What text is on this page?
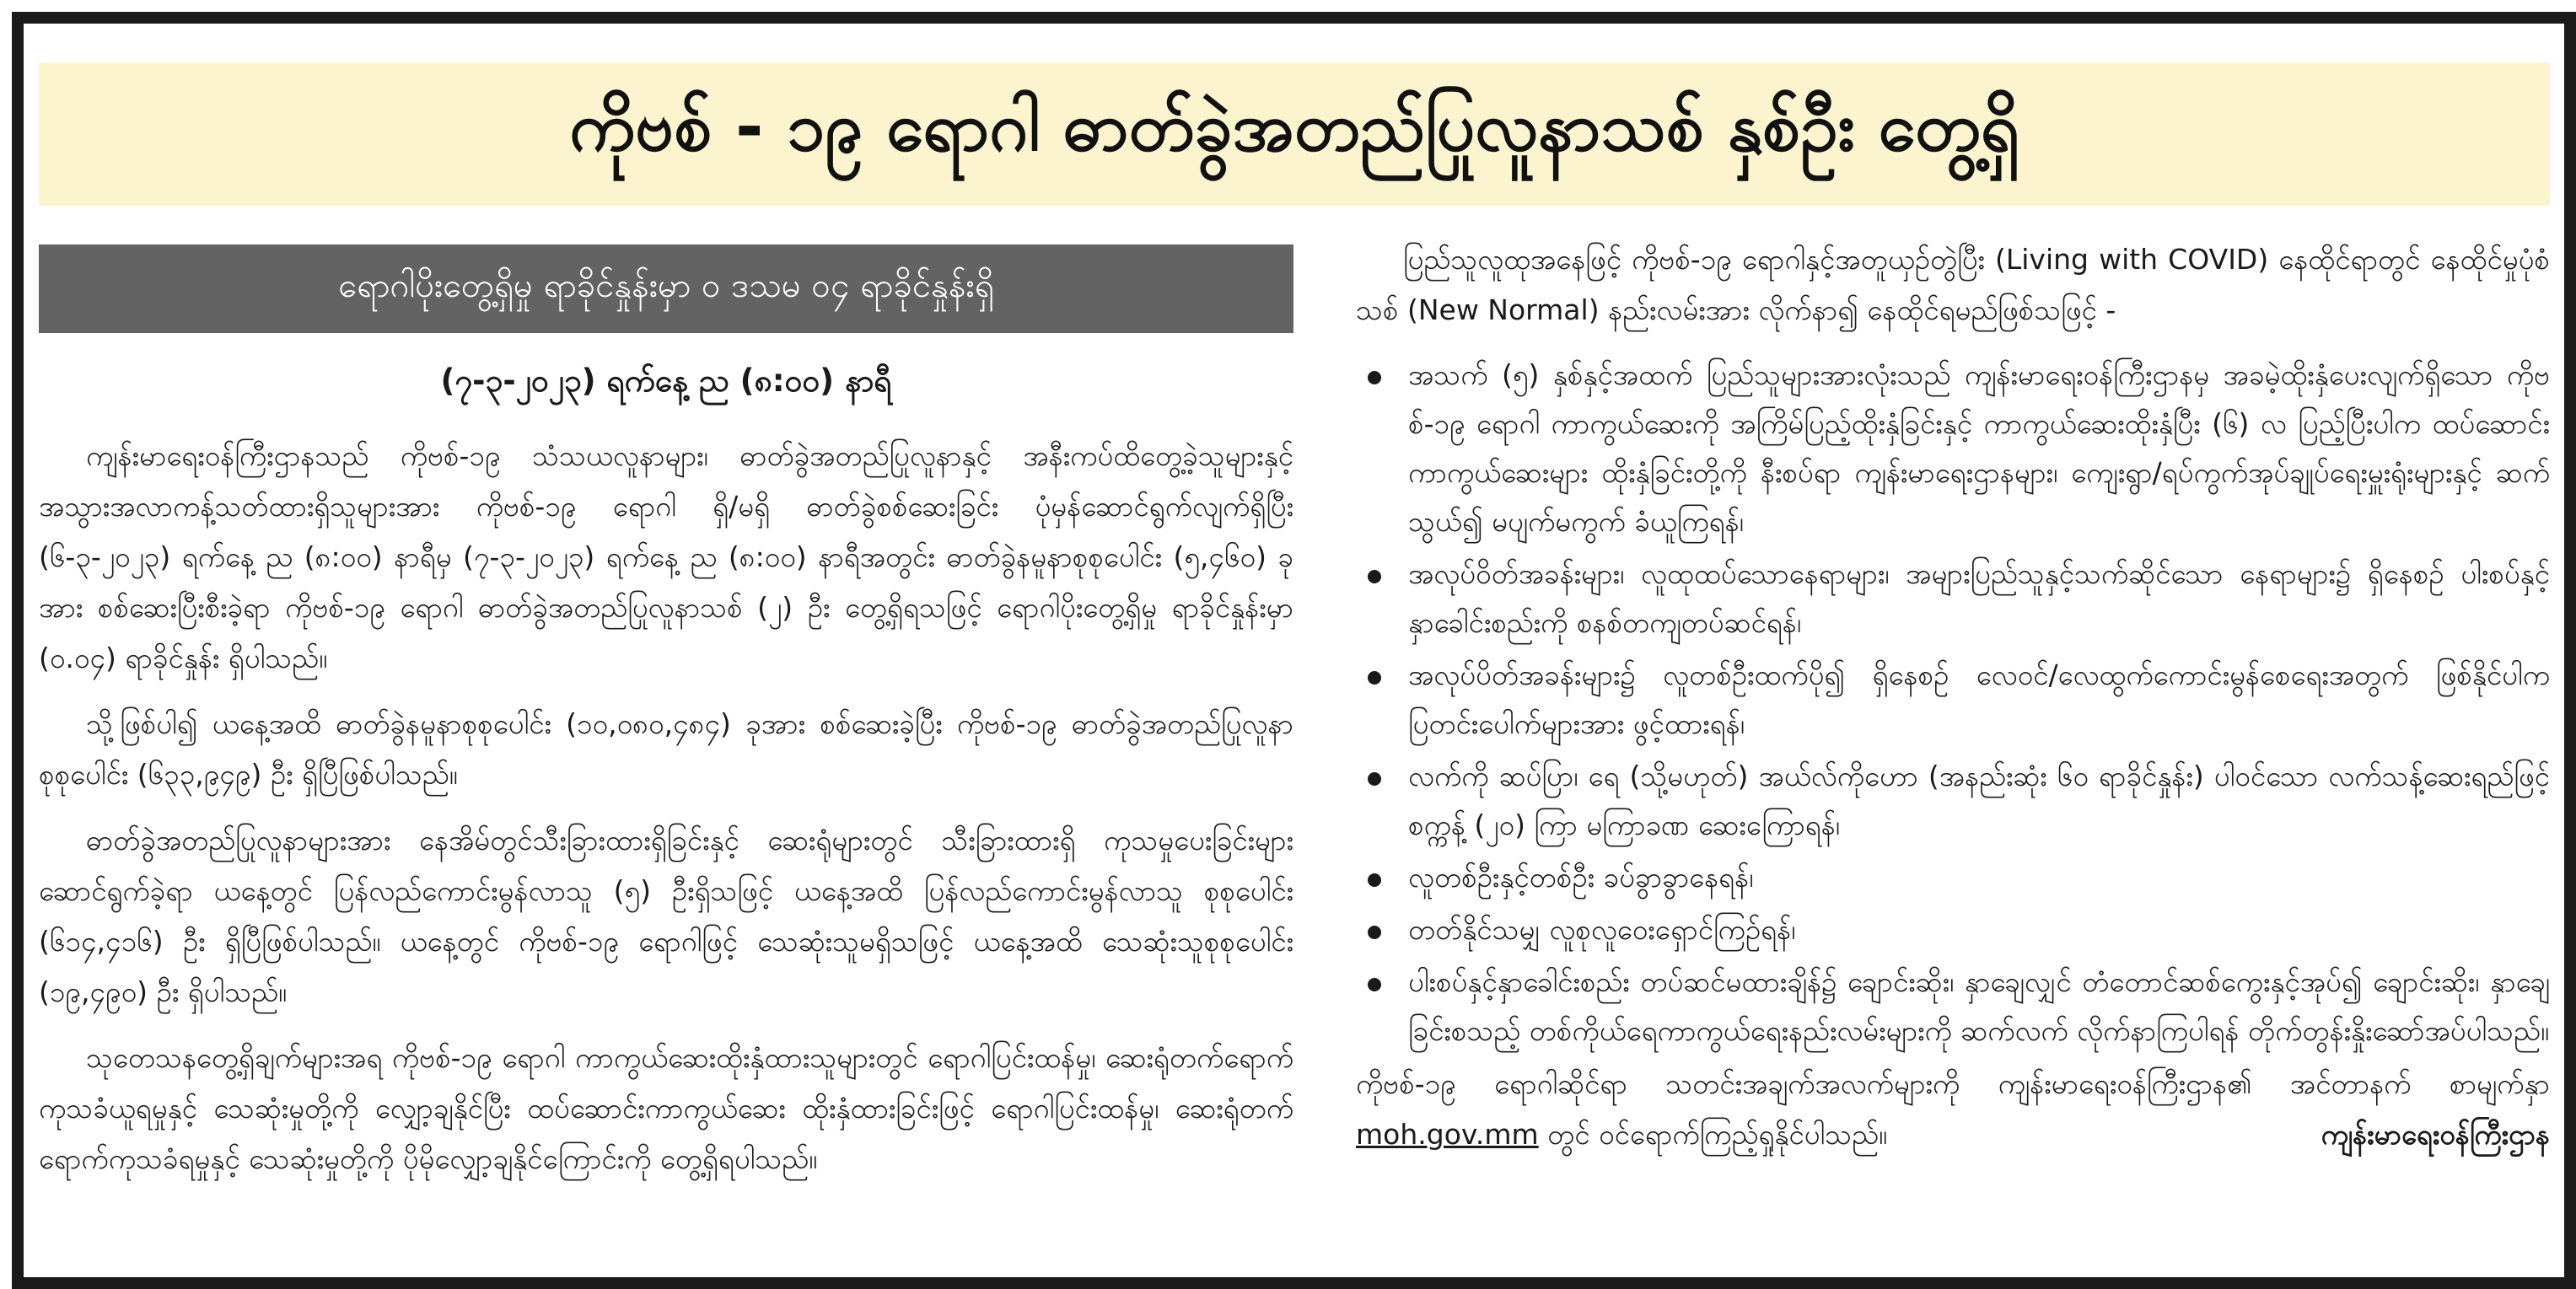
ကိုဗစ် - ၁၉ ရောဂါ ဓာတ်ခွဲအတည်ပြုလူနာသစ် နှစ်ဦး တွေ့ရှိ
ရောဂါပိုးတွေ့ရှိမှု ရာခိုင်နှုန်းမှာ ၀ ဒသမ ၀၄ ရာခိုင်နှုန်းရှိ
(၇-၃-၂၀၂၃) ရက်နေ့ ည (၈:၀၀) နာရီ

ကျန်းမာရေးဝန်ကြီးဌာနသည် ကိုဗစ်-၁၉ သံသယလူနာများ၊ ဓာတ်ခွဲအတည်ပြုလူနာနှင့် အနီးကပ်ထိတွေ့ခဲ့သူများနှင့် အသွားအလာကန့်သတ်ထားရှိသူများအား ကိုဗစ်-၁၉ ရောဂါ ရှိ/မရှိ ဓာတ်ခွဲစစ်ဆေးခြင်း ပုံမှန်ဆောင်ရွက်လျက်ရှိပြီး (၆-၃-၂၀၂၃) ရက်နေ့ ည (၈:၀၀) နာရီမှ (၇-၃-၂၀၂၃) ရက်နေ့ ည (၈:၀၀) နာရီအတွင်း ဓာတ်ခွဲနမူနာစုစုပေါင်း (၅,၄၆၀) ခုအား စစ်ဆေးပြီးစီးခဲ့ရာ ကိုဗစ်-၁၉ ရောဂါ ဓာတ်ခွဲအတည်ပြုလူနာသစ် (၂) ဦး တွေ့ရှိရသဖြင့် ရောဂါပိုးတွေ့ရှိမှု ရာခိုင်နှုန်းမှာ (၀.၀၄) ရာခိုင်နှုန်း ရှိပါသည်။

သို့ဖြစ်ပါ၍ ယနေ့အထိ ဓာတ်ခွဲနမူနာစုစုပေါင်း (၁၀,၀၈၀,၄၈၄) ခုအား စစ်ဆေးခဲ့ပြီး ကိုဗစ်-၁၉ ဓာတ်ခွဲအတည်ပြုလူနာ စုစုပေါင်း (၆၃၃,၉၄၉) ဦး ရှိပြီဖြစ်ပါသည်။

ဓာတ်ခွဲအတည်ပြုလူနာများအား နေအိမ်တွင်သီးခြားထားရှိခြင်းနှင့် ဆေးရုံများတွင် သီးခြားထားရှိ ကုသမှုပေးခြင်းများ ဆောင်ရွက်ခဲ့ရာ ယနေ့တွင် ပြန်လည်ကောင်းမွန်လာသူ (၅) ဦးရှိသဖြင့် ယနေ့အထိ ပြန်လည်ကောင်းမွန်လာသူ စုစုပေါင်း (၆၁၄,၄၁၆) ဦး ရှိပြီဖြစ်ပါသည်။ ယနေ့တွင် ကိုဗစ်-၁၉ ရောဂါဖြင့် သေဆုံးသူမရှိသဖြင့် ယနေ့အထိ သေဆုံးသူစုစုပေါင်း (၁၉,၄၉၀) ဦး ရှိပါသည်။

သုတေသနတွေ့ရှိချက်များအရ ကိုဗစ်-၁၉ ရောဂါ ကာကွယ်ဆေးထိုးနှံထားသူများတွင် ရောဂါပြင်းထန်မှု၊ ဆေးရုံတက်ရောက်ကုသခံယူရမှုနှင့် သေဆုံးမှုတို့ကို လျှော့ချနိုင်ပြီး ထပ်ဆောင်းကာကွယ်ဆေး ထိုးနှံထားခြင်းဖြင့် ရောဂါပြင်းထန်မှု၊ ဆေးရုံတက်ရောက်ကုသခံရမှုနှင့် သေဆုံးမှုတို့ကို ပိုမိုလျှော့ချနိုင်ကြောင်းကို တွေ့ရှိရပါသည်။

ပြည်သူလူထုအနေဖြင့် ကိုဗစ်-၁၉ ရောဂါနှင့်အတူယှဉ်တွဲပြီး (Living with COVID) နေထိုင်ရာတွင် နေထိုင်မှုပုံစံသစ် (New Normal) နည်းလမ်းအား လိုက်နာ၍ နေထိုင်ရမည်ဖြစ်သဖြင့် -

အသက် (၅) နှစ်နှင့်အထက် ပြည်သူများအားလုံးသည် ကျန်းမာရေးဝန်ကြီးဌာနမှ အခမဲ့ထိုးနှံပေးလျက်ရှိသော ကိုဗစ်-၁၉ ရောဂါ ကာကွယ်ဆေးကို အကြိမ်ပြည့်ထိုးနှံခြင်းနှင့် ကာကွယ်ဆေးထိုးနှံပြီး (၆) လ ပြည့်ပြီးပါက ထပ်ဆောင်းကာကွယ်ဆေးများ ထိုးနှံခြင်းတို့ကို နီးစပ်ရာ ကျန်းမာရေးဌာနများ၊ ကျေးရွာ/ရပ်ကွက်အုပ်ချုပ်ရေးမှူးရုံးများနှင့် ဆက်သွယ်၍ မပျက်မကွက် ခံယူကြရန်၊
အလုပ်ဝိတ်အခန်းများ၊ လူထုထပ်သောနေရာများ၊ အများပြည်သူနှင့်သက်ဆိုင်သော နေရာများ၌ ရှိနေစဉ် ပါးစပ်နှင့်နှာခေါင်းစည်းကို စနစ်တကျတပ်ဆင်ရန်၊
အလုပ်ပိတ်အခန်းများ၌ လူတစ်ဦးထက်ပို၍ ရှိနေစဉ် လေဝင်/လေထွက်ကောင်းမွန်စေရေးအတွက် ဖြစ်နိုင်ပါက ပြတင်းပေါက်များအား ဖွင့်ထားရန်၊
လက်ကို ဆပ်ပြာ၊ ရေ (သို့မဟုတ်) အယ်လ်ကိုဟော (အနည်းဆုံး ၆၀ ရာခိုင်နှုန်း) ပါဝင်သော လက်သန့်ဆေးရည်ဖြင့် စက္ကန့် (၂၀) ကြာ မကြာခဏ ဆေးကြောရန်၊
လူတစ်ဦးနှင့်တစ်ဦး ခပ်ခွာခွာနေရန်၊
တတ်နိုင်သမျှ လူစုလူဝေးရှောင်ကြဉ်ရန်၊
ပါးစပ်နှင့်နှာခေါင်းစည်း တပ်ဆင်မထားချိန်၌ ချောင်းဆိုး၊ နှာချေလျှင် တံတောင်ဆစ်ကွေးနှင့်အုပ်၍ ချောင်းဆိုး၊ နှာချေခြင်းစသည့် တစ်ကိုယ်ရေကာကွယ်ရေးနည်းလမ်းများကို ဆက်လက် လိုက်နာကြပါရန် တိုက်တွန်းနှိုးဆော်အပ်ပါသည်။
ကိုဗစ်-၁၉ ရောဂါဆိုင်ရာ သတင်းအချက်အလက်များကို ကျန်းမာရေးဝန်ကြီးဌာန၏ အင်တာနက် စာမျက်နှာ moh.gov.mm တွင် ဝင်ရောက်ကြည့်ရှုနိုင်ပါသည်။	ကျန်းမာရေးဝန်ကြီးဌာန
